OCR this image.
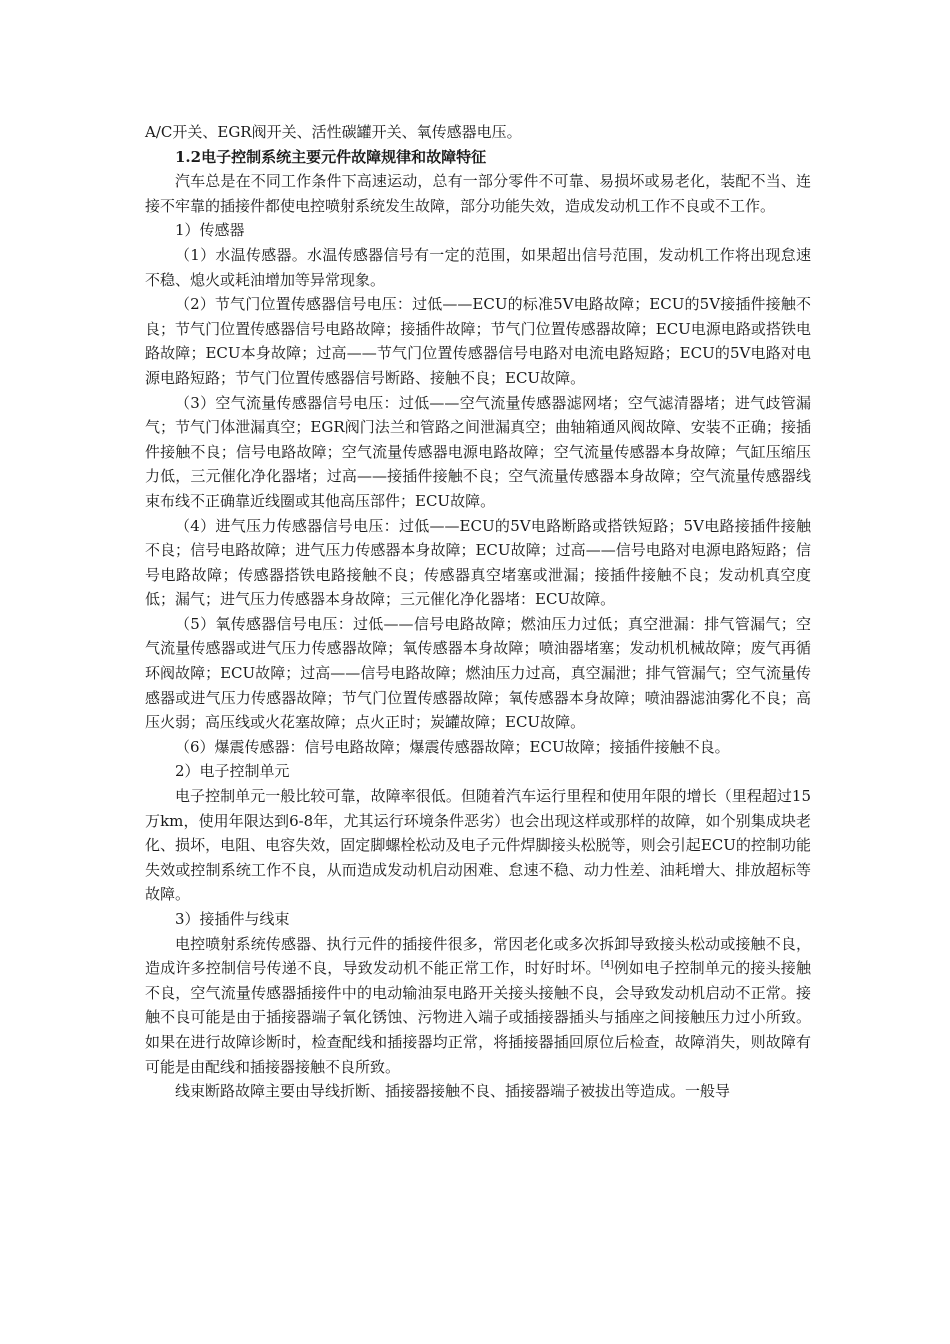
A/C开关、EGR阀开关、活性碳罐开关、氧传感器电压。

1.2电子控制系统主要元件故障规律和故障特征

汽车总是在不同工作条件下高速运动，总有一部分零件不可靠、易损坏或易老化，装配不当、连接不牢靠的插接件都使电控喷射系统发生故障，部分功能失效，造成发动机工作不良或不工作。

1）传感器

（1）水温传感器。水温传感器信号有一定的范围，如果超出信号范围，发动机工作将出现怠速不稳、熄火或耗油增加等异常现象。

（2）节气门位置传感器信号电压：过低——ECU的标准5V电路故障；ECU的5V接插件接触不良；节气门位置传感器信号电路故障；接插件故障；节气门位置传感器故障；ECU电源电路或搭铁电路故障；ECU本身故障；过高——节气门位置传感器信号电路对电流电路短路；ECU的5V电路对电源电路短路；节气门位置传感器信号断路、接触不良；ECU故障。

（3）空气流量传感器信号电压：过低——空气流量传感器滤网堵；空气滤清器堵；进气歧管漏气；节气门体泄漏真空；EGR阀门法兰和管路之间泄漏真空；曲轴箱通风阀故障、安装不正确；接插件接触不良；信号电路故障；空气流量传感器电源电路故障；空气流量传感器本身故障；气缸压缩压力低，三元催化净化器堵；过高——接插件接触不良；空气流量传感器本身故障；空气流量传感器线束布线不正确靠近线圈或其他高压部件；ECU故障。

（4）进气压力传感器信号电压：过低——ECU的5V电路断路或搭铁短路；5V电路接插件接触不良；信号电路故障；进气压力传感器本身故障；ECU故障；过高——信号电路对电源电路短路；信号电路故障；传感器搭铁电路接触不良；传感器真空堵塞或泄漏；接插件接触不良；发动机真空度低；漏气；进气压力传感器本身故障；三元催化净化器堵：ECU故障。

（5）氧传感器信号电压：过低——信号电路故障；燃油压力过低；真空泄漏：排气管漏气；空气流量传感器或进气压力传感器故障；氧传感器本身故障；喷油器堵塞；发动机机械故障；废气再循环阀故障；ECU故障；过高——信号电路故障；燃油压力过高，真空漏泄；排气管漏气；空气流量传感器或进气压力传感器故障；节气门位置传感器故障；氧传感器本身故障；喷油器滤油雾化不良；高压火弱；高压线或火花塞故障；点火正时；炭罐故障；ECU故障。

（6）爆震传感器：信号电路故障；爆震传感器故障；ECU故障；接插件接触不良。

2）电子控制单元

电子控制单元一般比较可靠，故障率很低。但随着汽车运行里程和使用年限的增长（里程超过15万km，使用年限达到6-8年，尤其运行环境条件恶劣）也会出现这样或那样的故障，如个别集成块老化、损坏，电阻、电容失效，固定脚螺栓松动及电子元件焊脚接头松脱等，则会引起ECU的控制功能失效或控制系统工作不良，从而造成发动机启动困难、怠速不稳、动力性差、油耗增大、排放超标等故障。

3）接插件与线束

电控喷射系统传感器、执行元件的插接件很多，常因老化或多次拆卸导致接头松动或接触不良，造成许多控制信号传递不良，导致发动机不能正常工作，时好时坏。[4]例如电子控制单元的接头接触不良，空气流量传感器插接件中的电动输油泵电路开关接头接触不良，会导致发动机启动不正常。接触不良可能是由于插接器端子氧化锈蚀、污物进入端子或插接器插头与插座之间接触压力过小所致。如果在进行故障诊断时，检查配线和插接器均正常，将插接器插回原位后检查，故障消失，则故障有可能是由配线和插接器接触不良所致。

线束断路故障主要由导线折断、插接器接触不良、插接器端子被拔出等造成。一般导
